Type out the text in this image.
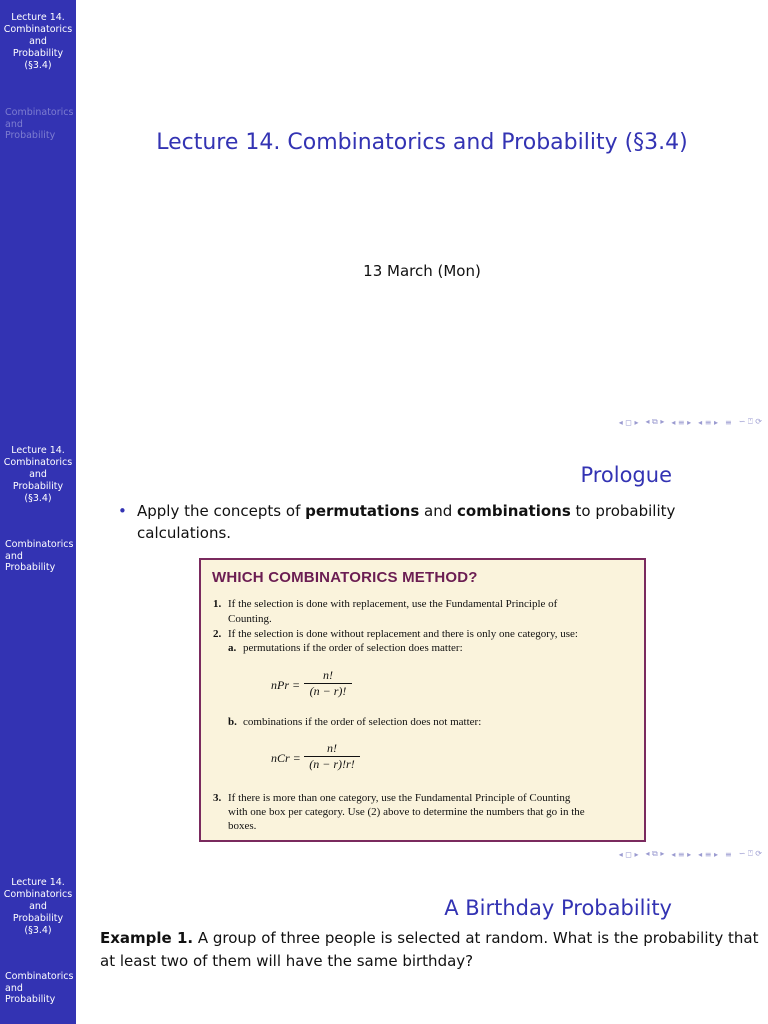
Lecture 14.
Combinatorics
and
Probability
(§3.4)
Combinatorics
and
Probability	Lecture 14. Combinatorics and Probability (§3.4)
13 March (Mon)
◂ ◻ ▸ ◂ ⧉ ▸ ◂ ≡ ▸ ◂ ≡ ▸ ≡ ∽ ⍞ ⟳
Lecture 14.
Combinatorics
and
Probability
(§3.4)
Combinatorics
and
Probability
Prologue
• Apply the concepts of permutations and combinations to probability calculations.
WHICH COMBINATORICS METHOD?
1. If the selection is done with replacement, use the Fundamental Principle of
Counting.
2. If the selection is done without replacement and there is only one category, use:
a. permutations if the order of selection does matter:
nPr =
n!
(n − r)!
b. combinations if the order of selection does not matter:
nCr =
n!
(n − r)!r!
3. If there is more than one category, use the Fundamental Principle of Counting
with one box per category. Use (2) above to determine the numbers that go in the
boxes.
◂ ◻ ▸ ◂ ⧉ ▸ ◂ ≡ ▸ ◂ ≡ ▸ ≡ ∽ ⍞ ⟳
Lecture 14.
Combinatorics
and
Probability
(§3.4)
Combinatorics
and
Probability
A Birthday Probability
Example 1. A group of three people is selected at random. What is the probability that at least two of them will have the same birthday?
